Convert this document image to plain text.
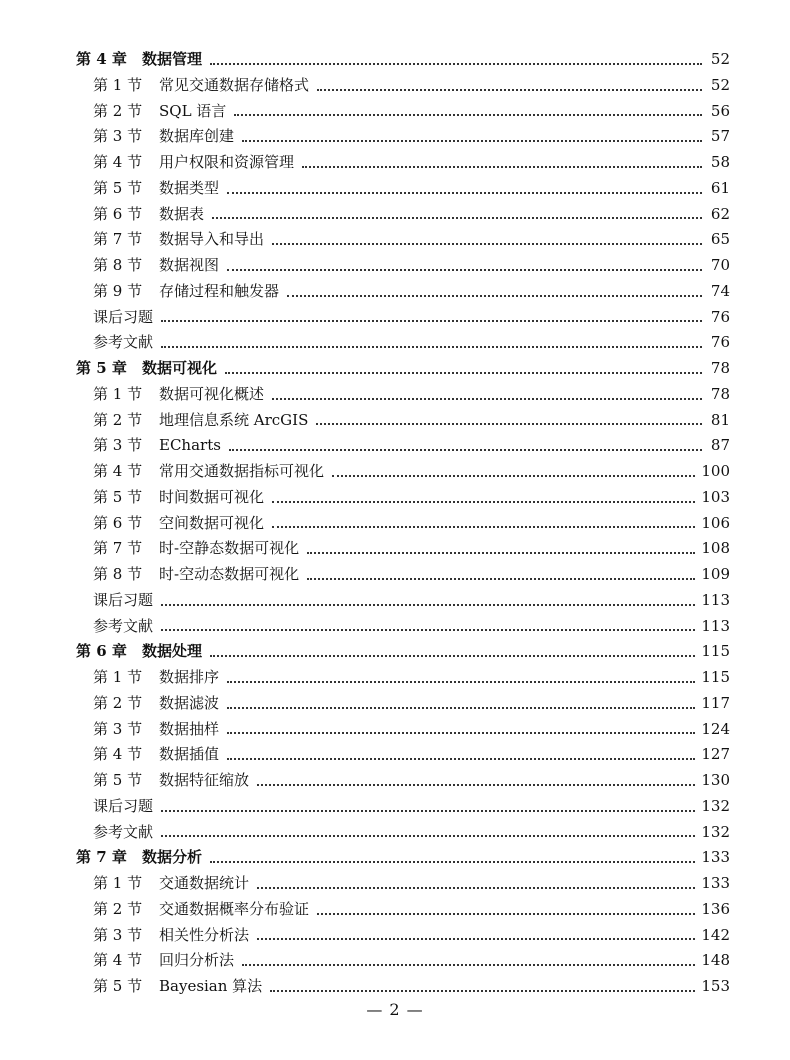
第 4 章	数据管理	52
第 1 节	常见交通数据存储格式	52
第 2 节	SQL 语言	56
第 3 节	数据库创建	57
第 4 节	用户权限和资源管理	58
第 5 节	数据类型	61
第 6 节	数据表	62
第 7 节	数据导入和导出	65
第 8 节	数据视图	70
第 9 节	存储过程和触发器	74
课后习题	76
参考文献	76
第 5 章	数据可视化	78
第 1 节	数据可视化概述	78
第 2 节	地理信息系统 ArcGIS	81
第 3 节	ECharts	87
第 4 节	常用交通数据指标可视化	100
第 5 节	时间数据可视化	103
第 6 节	空间数据可视化	106
第 7 节	时-空静态数据可视化	108
第 8 节	时-空动态数据可视化	109
课后习题	113
参考文献	113
第 6 章	数据处理	115
第 1 节	数据排序	115
第 2 节	数据滤波	117
第 3 节	数据抽样	124
第 4 节	数据插值	127
第 5 节	数据特征缩放	130
课后习题	132
参考文献	132
第 7 章	数据分析	133
第 1 节	交通数据统计	133
第 2 节	交通数据概率分布验证	136
第 3 节	相关性分析法	142
第 4 节	回归分析法	148
第 5 节	Bayesian 算法	153
— 2 —
